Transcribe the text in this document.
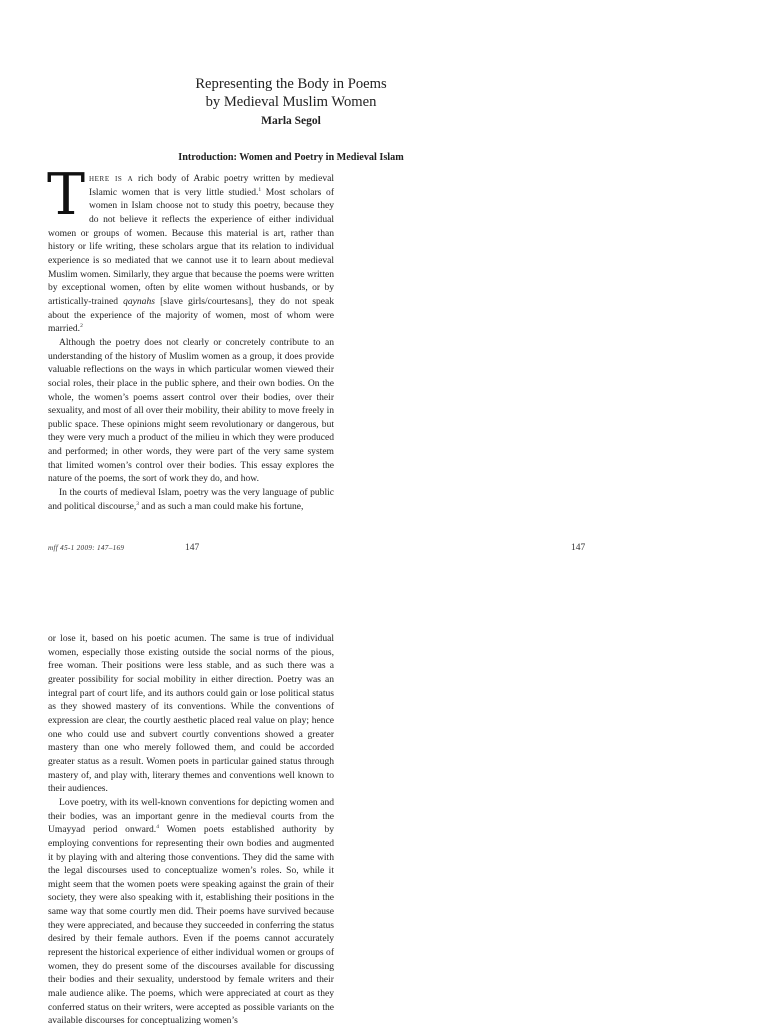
Representing the Body in Poems
by Medieval Muslim Women
Marla Segol
Introduction: Women and Poetry in Medieval Islam

There is a rich body of Arabic poetry written by medieval Islamic women that is very little studied.$^1$ Most scholars of women in Islam choose not to study this poetry, because they do not believe it reflects the experience of either individual women or groups of women. Because this material is art, rather than history or life writing, these scholars argue that its relation to individual experience is so mediated that we cannot use it to learn about medieval Muslim women. Similarly, they argue that because the poems were written by exceptional women, often by elite women without husbands, or by artistically-trained qaynahs [slave girls/courtesans], they do not speak about the experience of the majority of women, most of whom were married.$^2$

Although the poetry does not clearly or concretely contribute to an understanding of the history of Muslim women as a group, it does provide valuable reflections on the ways in which particular women viewed their social roles, their place in the public sphere, and their own bodies. On the whole, the women’s poems assert control over their bodies, over their sexuality, and most of all over their mobility, their ability to move freely in public space. These opinions might seem revolutionary or dangerous, but they were very much a product of the milieu in which they were produced and performed; in other words, they were part of the very same system that limited women’s control over their bodies. This essay explores the nature of the poems, the sort of work they do, and how.

In the courts of medieval Islam, poetry was the very language of public and political discourse,$^3$ and as such a man could make his fortune,

mff 45-1 2009: 147–169	147	147

or lose it, based on his poetic acumen. The same is true of individual women, especially those existing outside the social norms of the pious, free woman. Their positions were less stable, and as such there was a greater possibility for social mobility in either direction. Poetry was an integral part of court life, and its authors could gain or lose political status as they showed mastery of its conventions. While the conventions of expression are clear, the courtly aesthetic placed real value on play; hence one who could use and subvert courtly conventions showed a greater mastery than one who merely followed them, and could be accorded greater status as a result. Women poets in particular gained status through mastery of, and play with, literary themes and conventions well known to their audiences.

Love poetry, with its well-known conventions for depicting women and their bodies, was an important genre in the medieval courts from the Umayyad period onward.$^4$ Women poets established authority by employing conventions for representing their own bodies and augmented it by playing with and altering those conventions. They did the same with the legal discourses used to conceptualize women’s roles. So, while it might seem that the women poets were speaking against the grain of their society, they were also speaking with it, establishing their positions in the same way that some courtly men did. Their poems have survived because they were appreciated, and because they succeeded in conferring the status desired by their female authors. Even if the poems cannot accurately represent the historical experience of either individual women or groups of women, they do present some of the discourses available for discussing their bodies and their sexuality, understood by female writers and their male audience alike. The poems, which were appreciated at court as they conferred status on their writers, were accepted as possible variants on the available discourses for conceptualizing women’s
